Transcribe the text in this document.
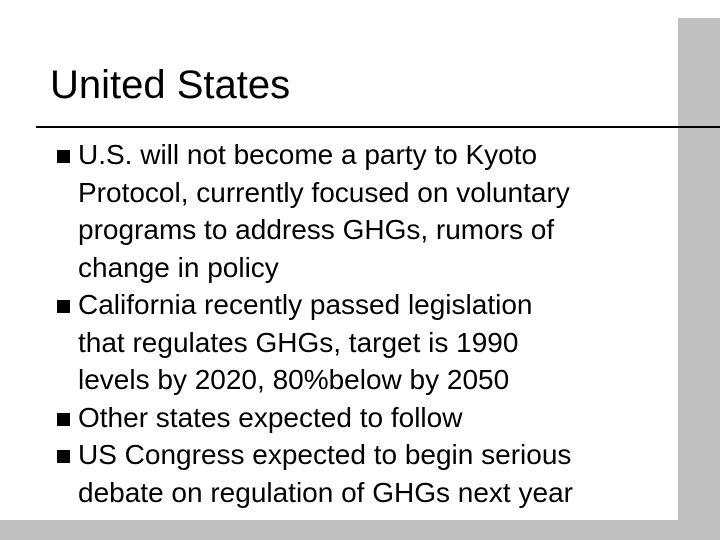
United States
U.S. will not become a party to Kyoto
Protocol, currently focused on voluntary
programs to address GHGs, rumors of
change in policy
California recently passed legislation
that regulates GHGs, target is 1990
levels by 2020, 80%below by 2050
Other states expected to follow
US Congress expected to begin serious
debate on regulation of GHGs next year
